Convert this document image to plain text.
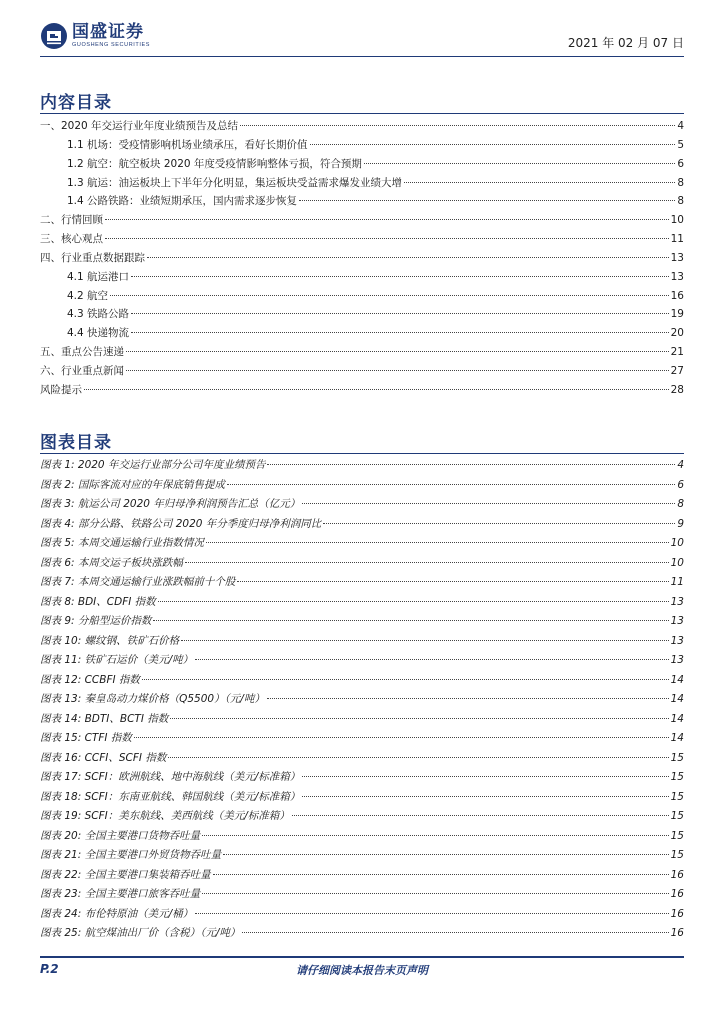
国盛证券
GUOSHENG SECURITIES	2021 年 02 月 07 日
内容目录
一、2020 年交运行业年度业绩预告及总结	4
1.1 机场：受疫情影响机场业绩承压，看好长期价值	5
1.2 航空：航空板块 2020 年度受疫情影响整体亏损，符合预期	6
1.3 航运：油运板块上下半年分化明显，集运板块受益需求爆发业绩大增	8
1.4 公路铁路：业绩短期承压，国内需求逐步恢复	8
二、行情回顾	10
三、核心观点	11
四、行业重点数据跟踪	13
4.1 航运港口	13
4.2 航空	16
4.3 铁路公路	19
4.4 快递物流	20
五、重点公告速递	21
六、行业重点新闻	27
风险提示	28
图表目录
图表 1: 2020 年交运行业部分公司年度业绩预告	4
图表 2: 国际客流对应的年保底销售提成	6
图表 3: 航运公司 2020 年归母净利润预告汇总（亿元）	8
图表 4: 部分公路、铁路公司 2020 年分季度归母净利润同比	9
图表 5: 本周交通运输行业指数情况	10
图表 6: 本周交运子板块涨跌幅	10
图表 7: 本周交通运输行业涨跌幅前十个股	11
图表 8: BDI、CDFI 指数	13
图表 9: 分船型运价指数	13
图表 10: 螺纹钢、铁矿石价格	13
图表 11: 铁矿石运价（美元/吨）	13
图表 12: CCBFI 指数	14
图表 13: 秦皇岛动力煤价格（Q5500）（元/吨）	14
图表 14: BDTI、BCTI 指数	14
图表 15: CTFI 指数	14
图表 16: CCFI、SCFI 指数	15
图表 17: SCFI：欧洲航线、地中海航线（美元/标准箱）	15
图表 18: SCFI：东南亚航线、韩国航线（美元/标准箱）	15
图表 19: SCFI：美东航线、美西航线（美元/标准箱）	15
图表 20: 全国主要港口货物吞吐量	15
图表 21: 全国主要港口外贸货物吞吐量	15
图表 22: 全国主要港口集装箱吞吐量	16
图表 23: 全国主要港口旅客吞吐量	16
图表 24: 布伦特原油（美元/桶）	16
图表 25: 航空煤油出厂价（含税）（元/吨）	16
P.2	请仔细阅读本报告末页声明
